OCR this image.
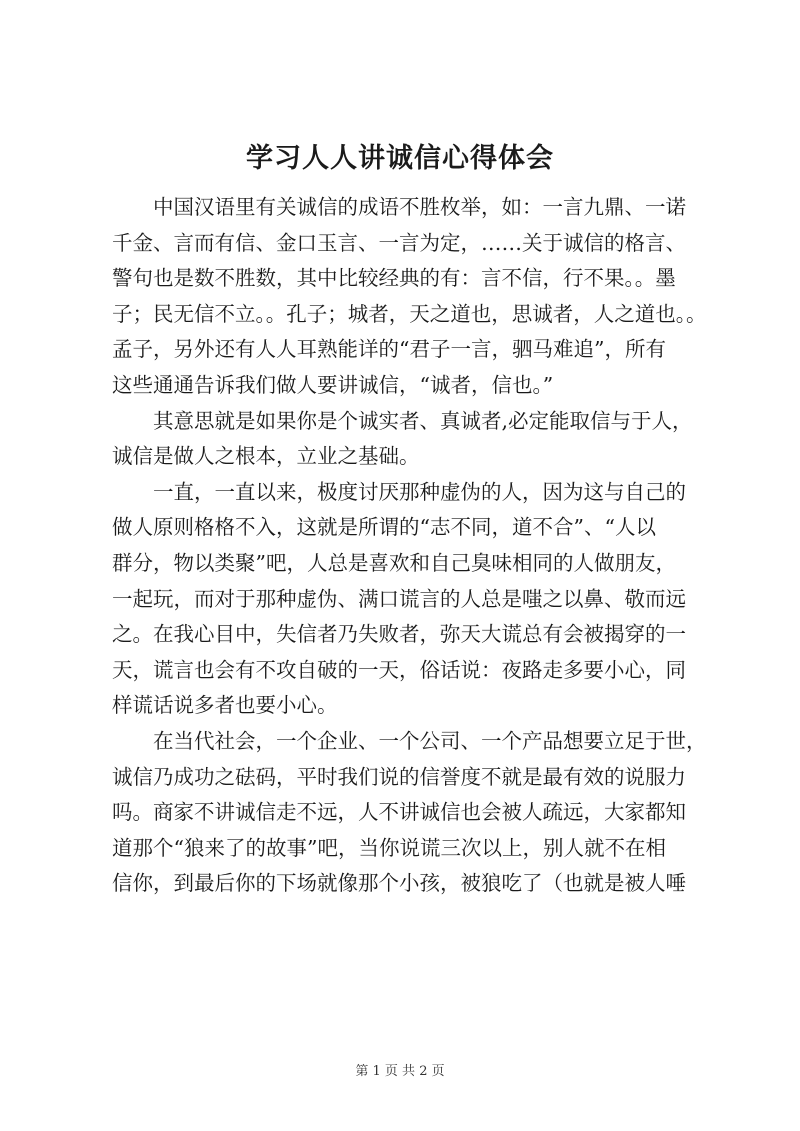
学习人人讲诚信心得体会
中国汉语里有关诚信的成语不胜枚举，如：一言九鼎、一诺
千金、言而有信、金口玉言、一言为定，……关于诚信的格言、
警句也是数不胜数，其中比较经典的有：言不信，行不果。。墨
子；民无信不立。。孔子；城者，天之道也，思诚者，人之道也。。
孟子，另外还有人人耳熟能详的“君子一言，驷马难追”，所有
这些通通告诉我们做人要讲诚信，“诚者，信也。”
其意思就是如果你是个诚实者、真诚者,必定能取信与于人，
诚信是做人之根本，立业之基础。
一直，一直以来，极度讨厌那种虚伪的人，因为这与自己的
做人原则格格不入，这就是所谓的“志不同，道不合”、“人以
群分，物以类聚”吧，人总是喜欢和自己臭味相同的人做朋友，
一起玩，而对于那种虚伪、满口谎言的人总是嗤之以鼻、敬而远
之。在我心目中，失信者乃失败者，弥天大谎总有会被揭穿的一
天，谎言也会有不攻自破的一天，俗话说：夜路走多要小心，同
样谎话说多者也要小心。
在当代社会，一个企业、一个公司、一个产品想要立足于世，
诚信乃成功之砝码，平时我们说的信誉度不就是最有效的说服力
吗。商家不讲诚信走不远，人不讲诚信也会被人疏远，大家都知
道那个“狼来了的故事”吧，当你说谎三次以上，别人就不在相
信你，到最后你的下场就像那个小孩，被狼吃了（也就是被人唾
第 1 页 共 2 页
